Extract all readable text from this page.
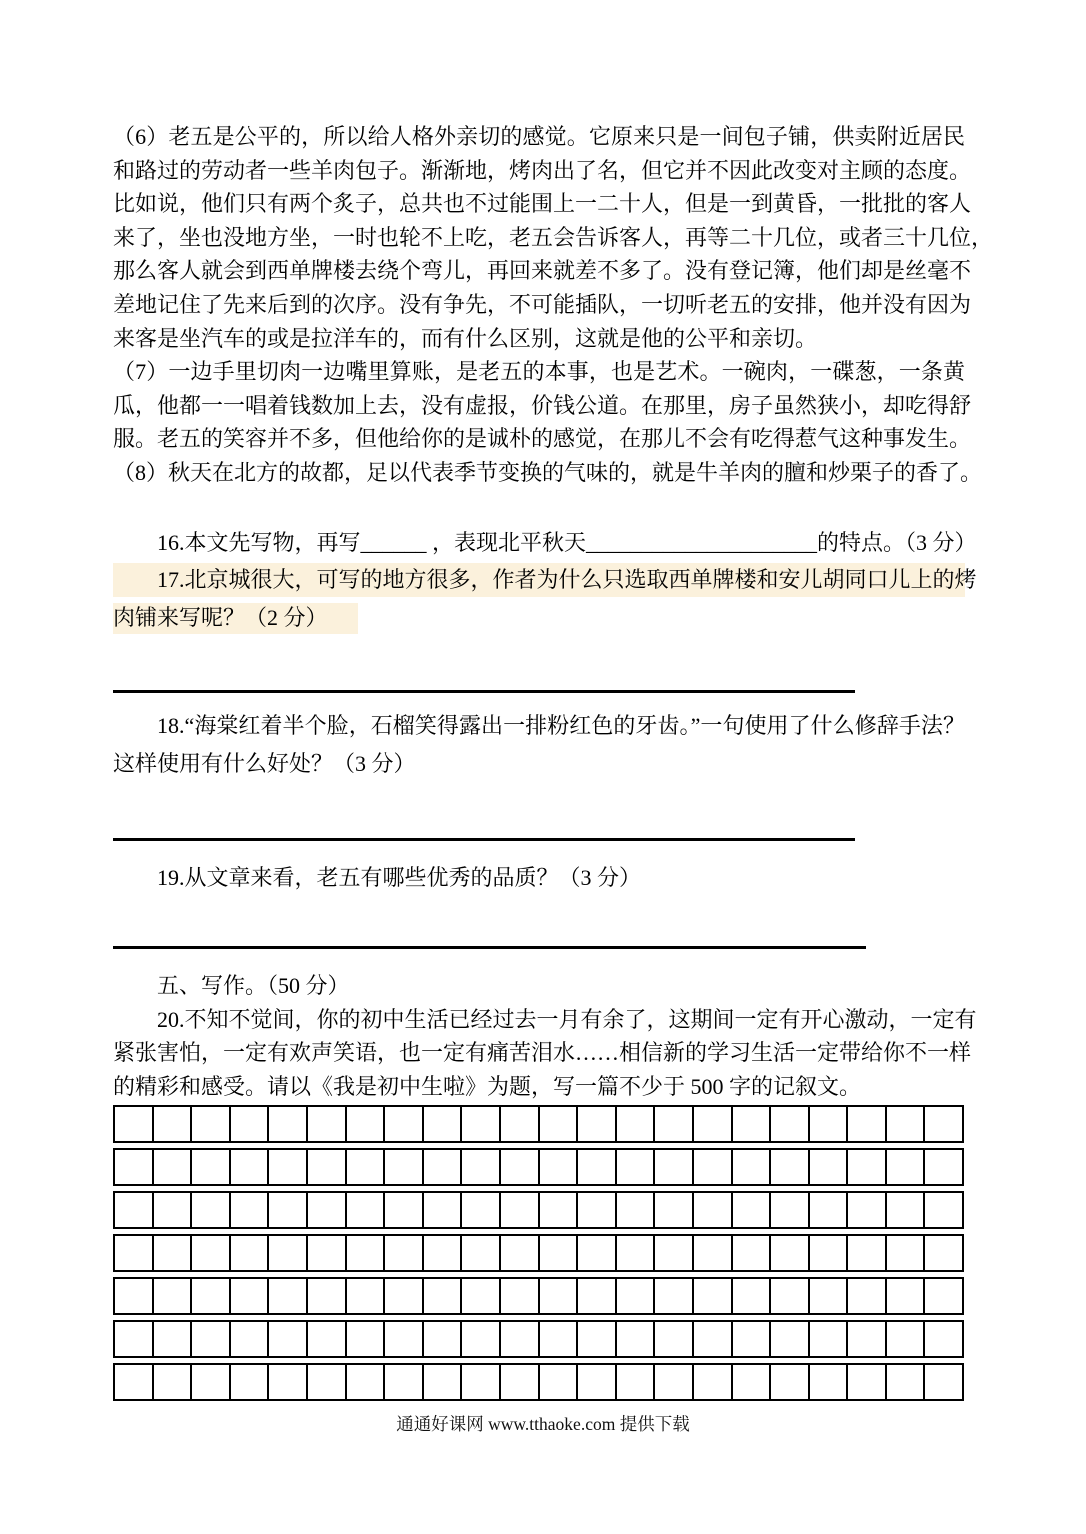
（6）老五是公平的，所以给人格外亲切的感觉。它原来只是一间包子铺，供卖附近居民
和路过的劳动者一些羊肉包子。渐渐地，烤肉出了名，但它并不因此改变对主顾的态度。
比如说，他们只有两个炙子，总共也不过能围上一二十人，但是一到黄昏，一批批的客人
来了，坐也没地方坐，一时也轮不上吃，老五会告诉客人，再等二十几位，或者三十几位，
那么客人就会到西单牌楼去绕个弯儿，再回来就差不多了。没有登记簿，他们却是丝毫不
差地记住了先来后到的次序。没有争先，不可能插队，一切听老五的安排，他并没有因为
来客是坐汽车的或是拉洋车的，而有什么区别，这就是他的公平和亲切。
（7）一边手里切肉一边嘴里算账，是老五的本事，也是艺术。一碗肉，一碟葱，一条黄
瓜，他都一一唱着钱数加上去，没有虚报，价钱公道。在那里，房子虽然狭小，却吃得舒
服。老五的笑容并不多，但他给你的是诚朴的感觉，在那儿不会有吃得惹气这种事发生。
（8）秋天在北方的故都，足以代表季节变换的气味的，就是牛羊肉的膻和炒栗子的香了。
16.本文先写物，再写______ ，表现北平秋天_____________________的特点。（3 分）
17.北京城很大，可写的地方很多，作者为什么只选取西单牌楼和安儿胡同口儿上的烤
肉铺来写呢？（2 分）
18.“海棠红着半个脸，石榴笑得露出一排粉红色的牙齿。”一句使用了什么修辞手法？
这样使用有什么好处？（3 分）
19.从文章来看，老五有哪些优秀的品质？（3 分）
五、写作。（50 分）
20.不知不觉间，你的初中生活已经过去一月有余了，这期间一定有开心激动，一定有
紧张害怕，一定有欢声笑语，也一定有痛苦泪水……相信新的学习生活一定带给你不一样
的精彩和感受。请以《我是初中生啦》为题，写一篇不少于 500 字的记叙文。
通通好课网 www.tthaoke.com 提供下载
